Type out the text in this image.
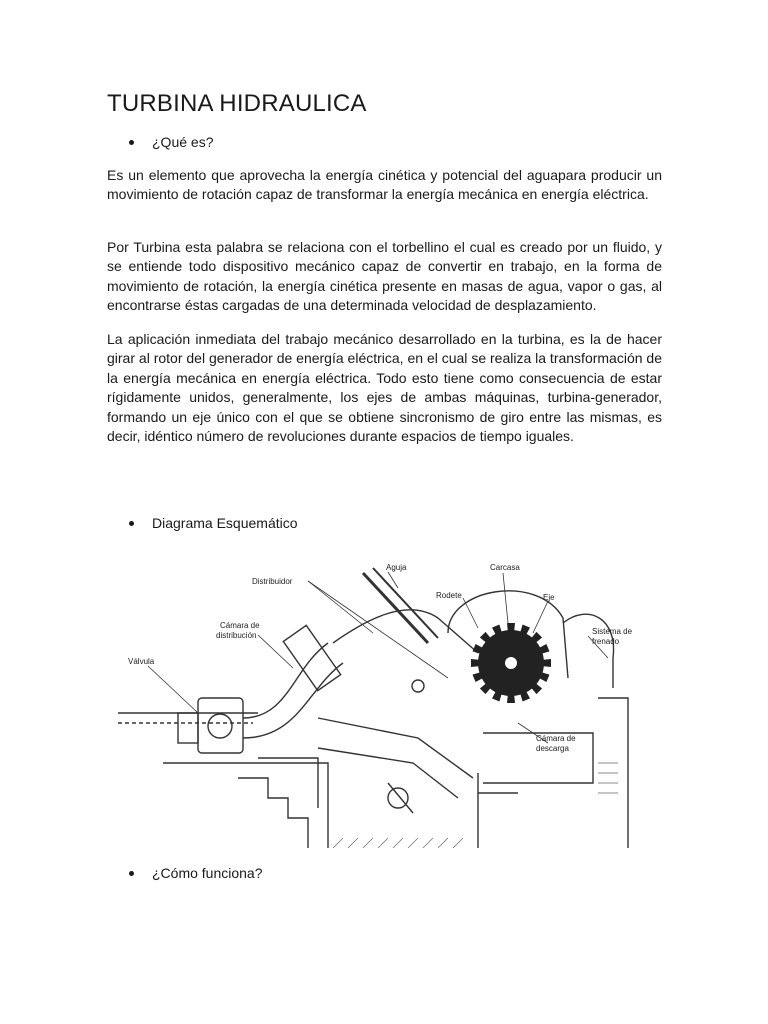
TURBINA HIDRAULICA
¿Qué es?

Es un elemento que aprovecha la energía cinética y potencial del aguapara producir un movimiento de rotación capaz de transformar la energía mecánica en energía eléctrica.

Por Turbina esta palabra se relaciona con el torbellino el cual es creado por un fluido, y se entiende todo dispositivo mecánico capaz de convertir en trabajo, en la forma de movimiento de rotación, la energía cinética presente en masas de agua, vapor o gas, al encontrarse éstas cargadas de una determinada velocidad de desplazamiento.

La aplicación inmediata del trabajo mecánico desarrollado en la turbina, es la de hacer girar al rotor del generador de energía eléctrica, en el cual se realiza la transformación de la energía mecánica en energía eléctrica. Todo esto tiene como consecuencia de estar rígidamente unidos, generalmente, los ejes de ambas máquinas, turbina-generador, formando un eje único con el que se obtiene sincronismo de giro entre las mismas, es decir, idéntico número de revoluciones durante espacios de tiempo iguales.

Diagrama Esquemático
Aguja	Carcasa
Distribuidor
Rodete	Eje
Cámara de
distribución	Sistema de
frenado
Válvula
Cámara de
descarga
¿Cómo funciona?
